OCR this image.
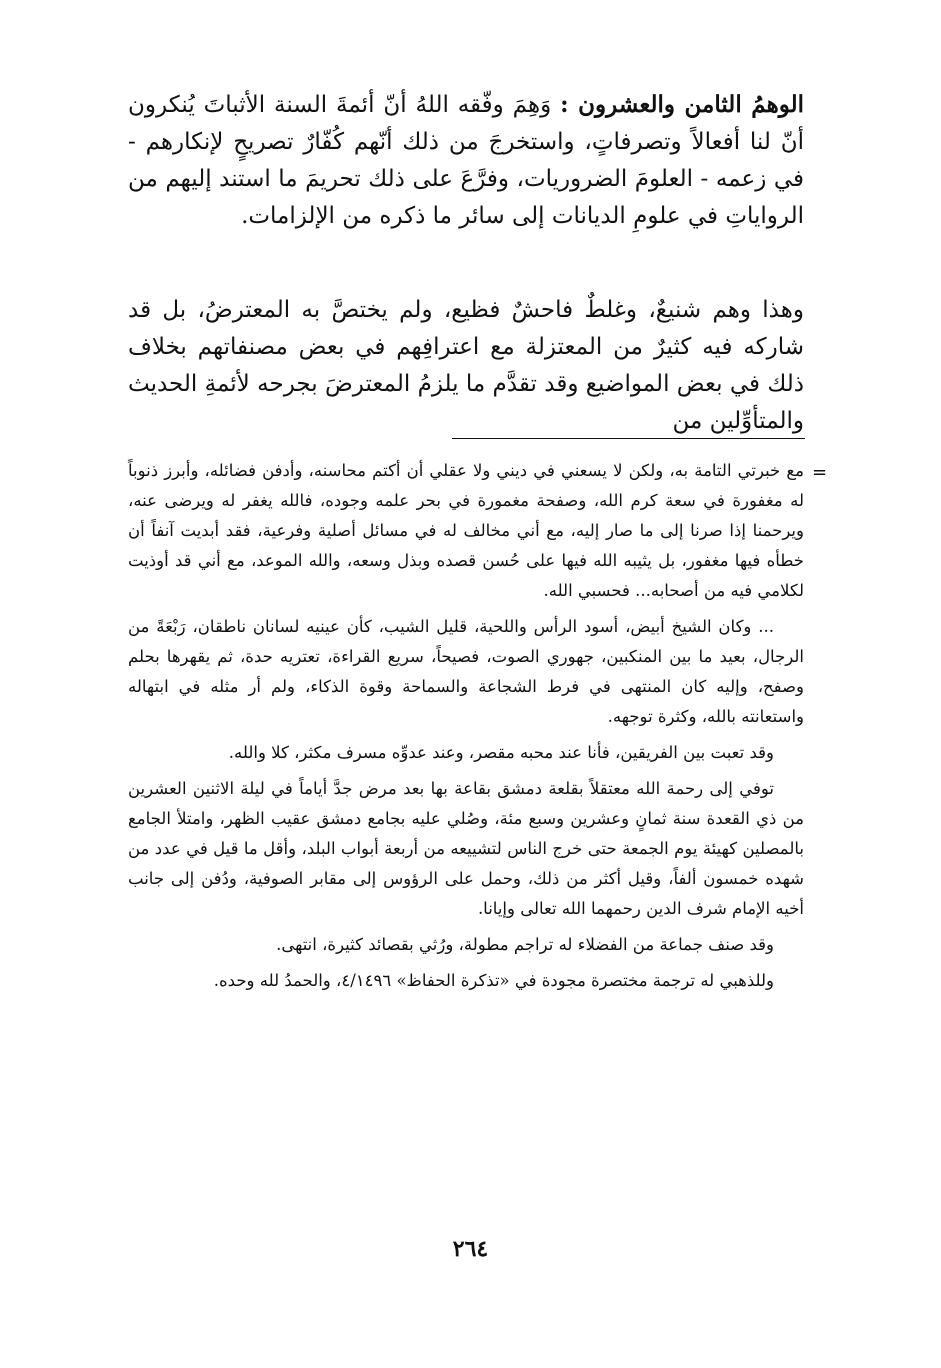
الوهمُ الثامن والعشرون : وَهِمَ وفّقه اللهُ أنّ أئمةَ السنة الأثباتَ يُنكرون أنّ لنا أفعالاً وتصرفاتٍ، واستخرجَ من ذلك أنّهم كُفّارٌ تصريحٍ لإنكارهم - في زعمه - العلومَ الضروريات، وفرَّعَ على ذلك تحريمَ ما استند إليهم من الرواياتِ في علومِ الديانات إلى سائر ما ذكره من الإلزامات.
وهذا وهم شنيعٌ، وغلطٌ فاحشٌ فظيع، ولم يختصَّ به المعترضُ، بل قد شاركه فيه كثيرٌ من المعتزلة مع اعترافِهم في بعض مصنفاتهم بخلاف ذلك في بعض المواضيع وقد تقدَّم ما يلزمُ المعترضَ بجرحه لأئمةِ الحديث والمتأوِّلين من
=

مع خبرتي التامة به، ولكن لا يسعني في ديني ولا عقلي أن أكتم محاسنه، وأدفن فضائله، وأبرز ذنوباً له مغفورة في سعة كرم الله، وصفحة مغمورة في بحر علمه وجوده، فالله يغفر له ويرضى عنه، ويرحمنا إذا صرنا إلى ما صار إليه، مع أني مخالف له في مسائل أصلية وفرعية، فقد أبديت آنفاً أن خطأه فيها مغفور، بل يثيبه الله فيها على حُسن قصده وبذل وسعه، والله الموعد، مع أني قد أوذيت لكلامي فيه من أصحابه... فحسبي الله.

... وكان الشيخ أبيض، أسود الرأس واللحية، قليل الشيب، كأن عينيه لسانان ناطقان، رَبْعَةً من الرجال، بعيد ما بين المنكبين، جهوري الصوت، فصيحاً، سريع القراءة، تعتريه حدة، ثم يقهرها بحلم وصفح، وإليه كان المنتهى في فرط الشجاعة والسماحة وقوة الذكاء، ولم أر مثله في ابتهاله واستعانته بالله، وكثرة توجهه.

وقد تعبت بين الفريقين، فأنا عند محبه مقصر، وعند عدوِّه مسرف مكثر، كلا والله.

توفي إلى رحمة الله معتقلاً بقلعة دمشق بقاعة بها بعد مرض جدَّ أياماً في ليلة الاثنين العشرين من ذي القعدة سنة ثمانٍ وعشرين وسبع مئة، وصُلي عليه بجامع دمشق عقيب الظهر، وامتلأ الجامع بالمصلين كهيئة يوم الجمعة حتى خرج الناس لتشييعه من أربعة أبواب البلد، وأقل ما قيل في عدد من شهده خمسون ألفاً، وقيل أكثر من ذلك، وحمل على الرؤوس إلى مقابر الصوفية، ودُفن إلى جانب أخيه الإمام شرف الدين رحمهما الله تعالى وإيانا.

وقد صنف جماعة من الفضلاء له تراجم مطولة، ورُثي بقصائد كثيرة، انتهى.

وللذهبي له ترجمة مختصرة مجودة في «تذكرة الحفاظ» ٤/١٤٩٦، والحمدُ لله وحده.

٢٦٤
